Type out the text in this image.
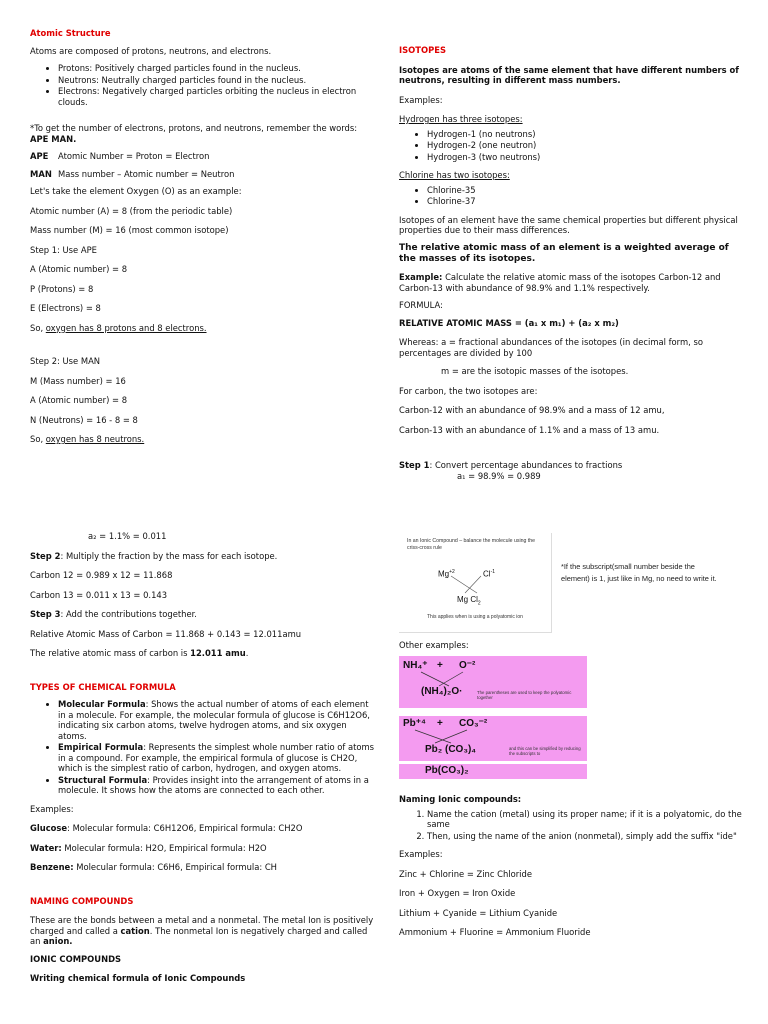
Atomic Structure

Atoms are composed of protons, neutrons, and electrons.

• Protons: Positively charged particles found in the nucleus.
• Neutrons: Neutrally charged particles found in the nucleus.
• Electrons: Negatively charged particles orbiting the nucleus in electron clouds.
*To get the number of electrons, protons, and neutrons, remember the words:

APE MAN.

APE Atomic Number = Proton = Electron

MAN Mass number – Atomic number = Neutron

Let's take the element Oxygen (O) as an example:

Atomic number (A) = 8 (from the periodic table)

Mass number (M) = 16 (most common isotope)

Step 1: Use APE

A (Atomic number) = 8

P (Protons) = 8

E (Electrons) = 8

So, oxygen has 8 protons and 8 electrons.

Step 2: Use MAN

M (Mass number) = 16

A (Atomic number) = 8

N (Neutrons) = 16 - 8 = 8

So, oxygen has 8 neutrons.

ISOTOPES

Isotopes are atoms of the same element that have different numbers of neutrons, resulting in different mass numbers.

Examples:

Hydrogen has three isotopes:
• Hydrogen-1 (no neutrons)
• Hydrogen-2 (one neutron)
• Hydrogen-3 (two neutrons)
Chlorine has two isotopes:
• Chlorine-35
• Chlorine-37

Isotopes of an element have the same chemical properties but different physical properties due to their mass differences.

The relative atomic mass of an element is a weighted average of the masses of its isotopes.

Example: Calculate the relative atomic mass of the isotopes Carbon-12 and Carbon-13 with abundance of 98.9% and 1.1% respectively.

FORMULA:

RELATIVE ATOMIC MASS = (a₁ x m₁) + (a₂ x m₂)

Whereas: a = fractional abundances of the isotopes (in decimal form, so percentages are divided by 100

m = are the isotopic masses of the isotopes.

For carbon, the two isotopes are:

Carbon-12 with an abundance of 98.9% and a mass of 12 amu,

Carbon-13 with an abundance of 1.1% and a mass of 13 amu.

Step 1: Convert percentage abundances to fractions
a₁ = 98.9% = 0.989

a₂ = 1.1% = 0.011

Step 2: Multiply the fraction by the mass for each isotope.

Carbon 12 = 0.989 x 12 = 11.868

Carbon 13 = 0.011 x 13 = 0.143

Step 3: Add the contributions together.

Relative Atomic Mass of Carbon = 11.868 + 0.143 = 12.011amu

The relative atomic mass of carbon is 12.011 amu.

TYPES OF CHEMICAL FORMULA

• Molecular Formula: Shows the actual number of atoms of each element in a molecule. For example, the molecular formula of glucose is C6H12O6, indicating six carbon atoms, twelve hydrogen atoms, and six oxygen atoms.
• Empirical Formula: Represents the simplest whole number ratio of atoms in a compound. For example, the empirical formula of glucose is CH2O, which is the simplest ratio of carbon, hydrogen, and oxygen atoms.
• Structural Formula: Provides insight into the arrangement of atoms in a molecule. It shows how the atoms are connected to each other.

Examples:

Glucose: Molecular formula: C6H12O6, Empirical formula: CH2O

Water: Molecular formula: H2O, Empirical formula: H2O

Benzene: Molecular formula: C6H6, Empirical formula: CH

NAMING COMPOUNDS

These are the bonds between a metal and a nonmetal. The metal Ion is positively charged and called a cation. The nonmetal Ion is negatively charged and called an anion.

IONIC COMPOUNDS

Writing chemical formula of Ionic Compounds

In an Ionic Compound – balance the molecule using the criss-cross rule
$Mg^{+2}$	$Cl^{-1}$
Mg $Cl_2$
This applies when is using a polyatomic ion
*If the subscript(small number beside the element) is 1, just like in Mg, no need to write it.
Other examples:
NH₄⁺ + O⁻²
(NH₄)₂O·	The parentheses are used to keep the polyatomic together
Pb⁺⁴ + CO₃⁻²
Pb₂ (CO₃)₄	and this can be simplified by reducing the subscripts to
Pb(CO₃)₂

Naming Ionic compounds:

1. Name the cation (metal) using its proper name; if it is a polyatomic, do the same
2. Then, using the name of the anion (nonmetal), simply add the suffix "ide"

Examples:

Zinc + Chlorine = Zinc Chloride

Iron + Oxygen = Iron Oxide

Lithium + Cyanide = Lithium Cyanide

Ammonium + Fluorine = Ammonium Fluoride
